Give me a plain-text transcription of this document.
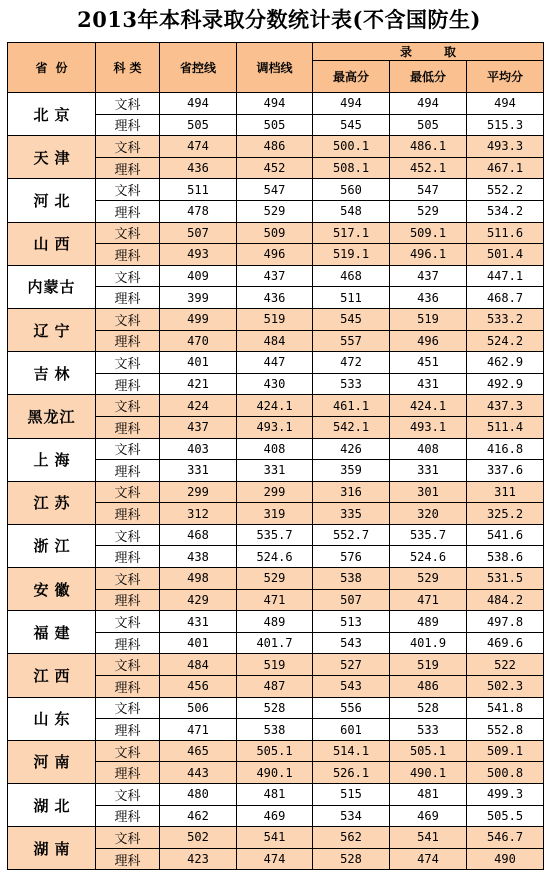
2013年本科录取分数统计表(不含国防生)
省份	科类	省控线	调档线	录　取		
				最高分	最低分	平均分
北京	文科	494	494	494	494	494
	理科	505	505	545	505	515.3
天津	文科	474	486	500.1	486.1	493.3
	理科	436	452	508.1	452.1	467.1
河北	文科	511	547	560	547	552.2
	理科	478	529	548	529	534.2
山西	文科	507	509	517.1	509.1	511.6
	理科	493	496	519.1	496.1	501.4
内蒙古	文科	409	437	468	437	447.1
	理科	399	436	511	436	468.7
辽宁	文科	499	519	545	519	533.2
	理科	470	484	557	496	524.2
吉林	文科	401	447	472	451	462.9
	理科	421	430	533	431	492.9
黑龙江	文科	424	424.1	461.1	424.1	437.3
	理科	437	493.1	542.1	493.1	511.4
上海	文科	403	408	426	408	416.8
	理科	331	331	359	331	337.6
江苏	文科	299	299	316	301	311
	理科	312	319	335	320	325.2
浙江	文科	468	535.7	552.7	535.7	541.6
	理科	438	524.6	576	524.6	538.6
安徽	文科	498	529	538	529	531.5
	理科	429	471	507	471	484.2
福建	文科	431	489	513	489	497.8
	理科	401	401.7	543	401.9	469.6
江西	文科	484	519	527	519	522
	理科	456	487	543	486	502.3
山东	文科	506	528	556	528	541.8
	理科	471	538	601	533	552.8
河南	文科	465	505.1	514.1	505.1	509.1
	理科	443	490.1	526.1	490.1	500.8
湖北	文科	480	481	515	481	499.3
	理科	462	469	534	469	505.5
湖南	文科	502	541	562	541	546.7
	理科	423	474	528	474	490
